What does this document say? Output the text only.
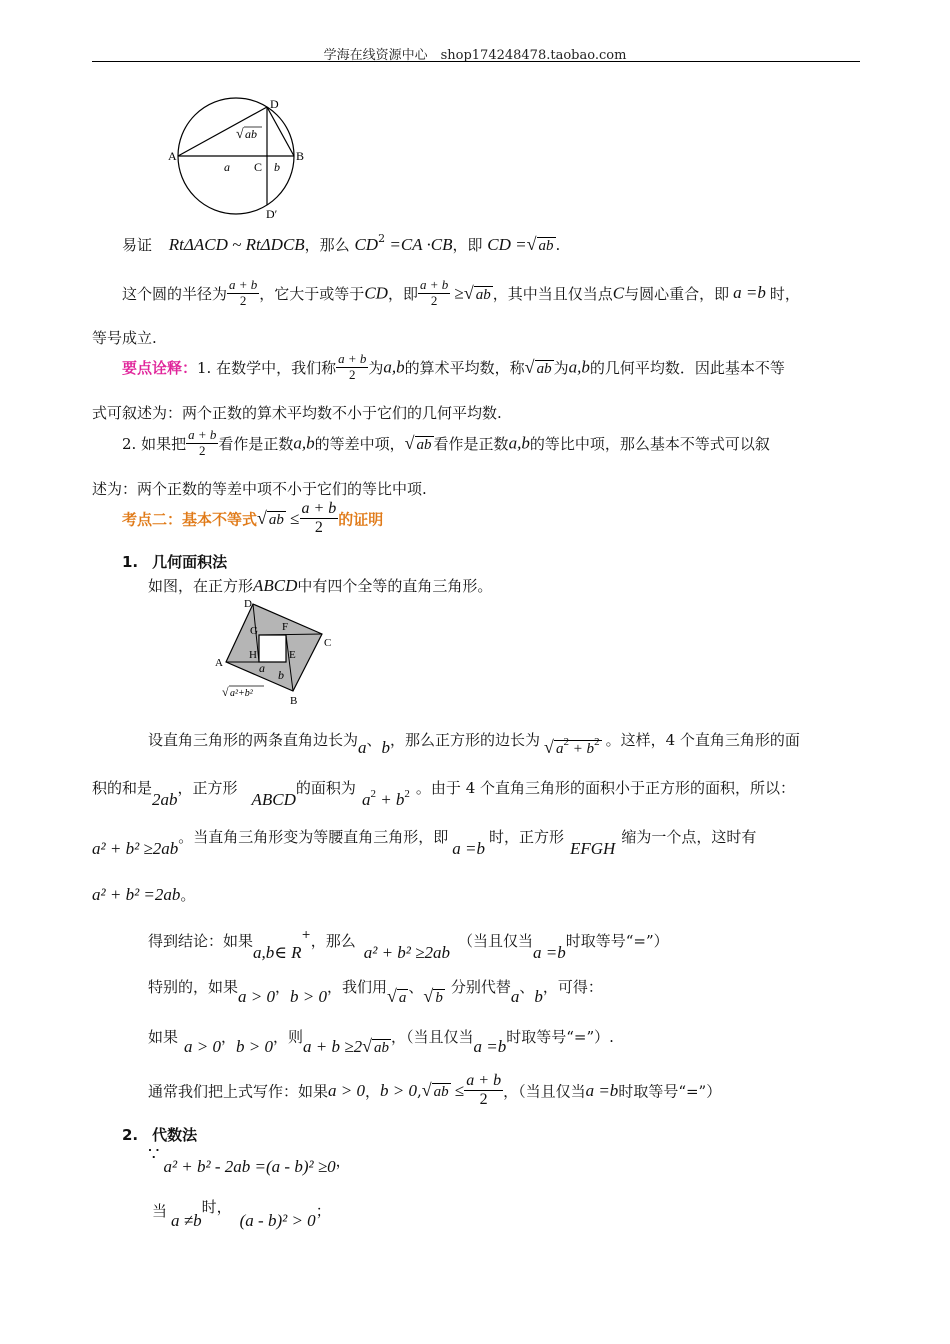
学海在线资源中心　shop174248478.taobao.com
D
A	B
C
D′
a	b
√ ab
易证 RtΔACD ~ RtΔDCB，那么 $CD^2 =CA \cdot CB$，即 CD =√ ab .
这个圆的半径为 $\frac{a + b}{2}$ ，它大于或等于CD，即 $\frac{a + b}{2}$ ≥√ ab ，其中当且仅当点C与圆心重合，即 a =b 时，
等号成立.
要点诠释：1. 在数学中，我们称 $\frac{a + b}{2}$ 为a,b的算术平均数，称√ ab 为a,b的几何平均数．因此基本不等
式可叙述为：两个正数的算术平均数不小于它们的几何平均数.
2. 如果把 $\frac{a + b}{2}$ 看作是正数a,b的等差中项，√ ab 看作是正数a,b的等比中项，那么基本不等式可以叙
述为：两个正数的等差中项不小于它们的等比中项.
考点二：基本不等式√ ab ≤ $\frac{a + b}{2}$ 的证明
1. 几何面积法
如图，在正方形ABCD中有四个全等的直角三角形。
D
A
C
B
G F
H	E
a b
√ a²+b²
设直角三角形的两条直角边长为a、b，那么正方形的边长为 √ $a^2 + b^2$ 。这样，4 个直角三角形的面
积的和是2ab，正方形ABCD的面积为$a^2 + b^2$ 。由于 4 个直角三角形的面积小于正方形的面积，所以：
a² + b² ≥2ab。当直角三角形变为等腰直角三角形，即a =b时，正方形EFGH缩为一个点，这时有
a² + b² =2ab。
得到结论：如果a,b∈ R+，那么a² + b² ≥2ab（当且仅当a =b时取等号“=”）
特别的，如果a > 0，b > 0，我们用√ a、√ b分别代替a、b，可得：
如果 a > 0，b > 0，则a + b ≥2√ ab，（当且仅当a =b时取等号“=”）.
通常我们把上式写作：如果a > 0，b > 0,√ ab ≤ $\frac{a + b}{2}$ ，（当且仅当a =b时取等号“=”）
2. 代数法
∵a² + b² - 2ab =(a - b)² ≥0，
当 a ≠b时，(a - b)² > 0；
